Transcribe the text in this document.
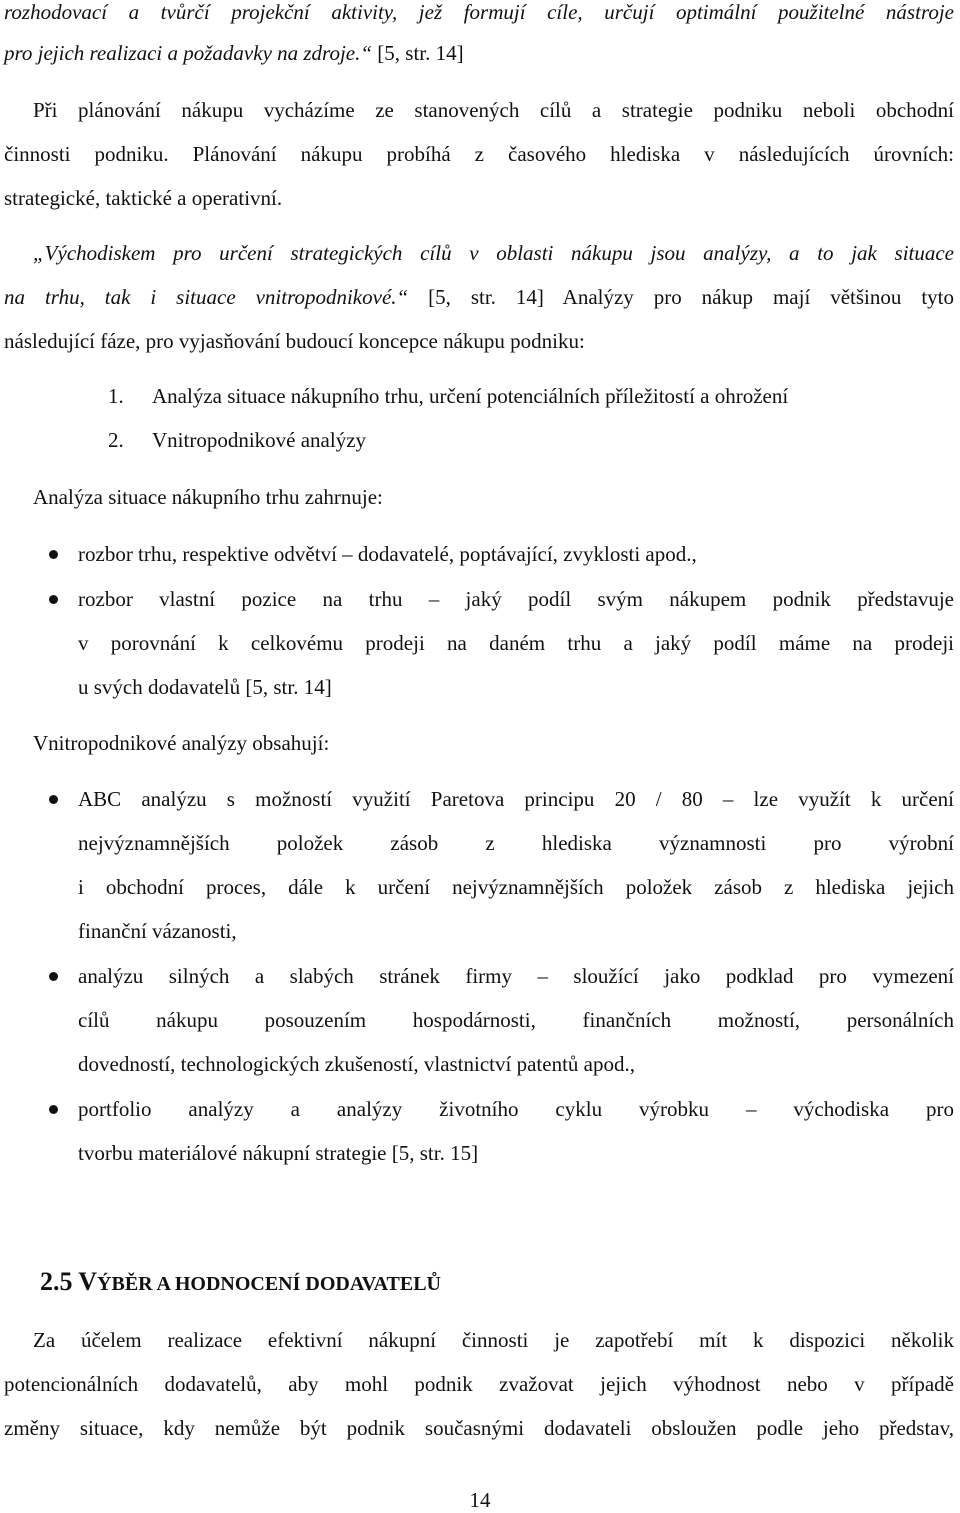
rozhodovací a tvůrčí projekční aktivity, jež formují cíle, určují optimální použitelné nástroje
pro jejich realizaci a požadavky na zdroje.“ [5, str. 14]
Při plánování nákupu vycházíme ze stanovených cílů a strategie podniku neboli obchodní
činnosti podniku. Plánování nákupu probíhá z časového hlediska v následujících úrovních:
strategické, taktické a operativní.
„Východiskem pro určení strategických cílů v oblasti nákupu jsou analýzy, a to jak situace
na trhu, tak i situace vnitropodnikové.“ [5, str. 14] Analýzy pro nákup mají většinou tyto
následující fáze, pro vyjasňování budoucí koncepce nákupu podniku:
1. Analýza situace nákupního trhu, určení potenciálních příležitostí a ohrožení
2. Vnitropodnikové analýzy
Analýza situace nákupního trhu zahrnuje:
rozbor trhu, respektive odvětví – dodavatelé, poptávající, zvyklosti apod.,
rozbor vlastní pozice na trhu – jaký podíl svým nákupem podnik představuje
v porovnání k celkovému prodeji na daném trhu a jaký podíl máme na prodeji
u svých dodavatelů [5, str. 14]
Vnitropodnikové analýzy obsahují:
ABC analýzu s možností využití Paretova principu 20 / 80 – lze využít k určení
nejvýznamnějších položek zásob z hlediska významnosti pro výrobní
i obchodní proces, dále k určení nejvýznamnějších položek zásob z hlediska jejich
finanční vázanosti,
analýzu silných a slabých stránek firmy – sloužící jako podklad pro vymezení
cílů nákupu posouzením hospodárnosti, finančních možností, personálních
dovedností, technologických zkušeností, vlastnictví patentů apod.,
portfolio analýzy a analýzy životního cyklu výrobku – východiska pro
tvorbu materiálové nákupní strategie [5, str. 15]
2.5 VÝBĚR A HODNOCENÍ DODAVATELŮ
Za účelem realizace efektivní nákupní činnosti je zapotřebí mít k dispozici několik
potencionálních dodavatelů, aby mohl podnik zvažovat jejich výhodnost nebo v případě
změny situace, kdy nemůže být podnik současnými dodavateli obsloužen podle jeho představ,
14
